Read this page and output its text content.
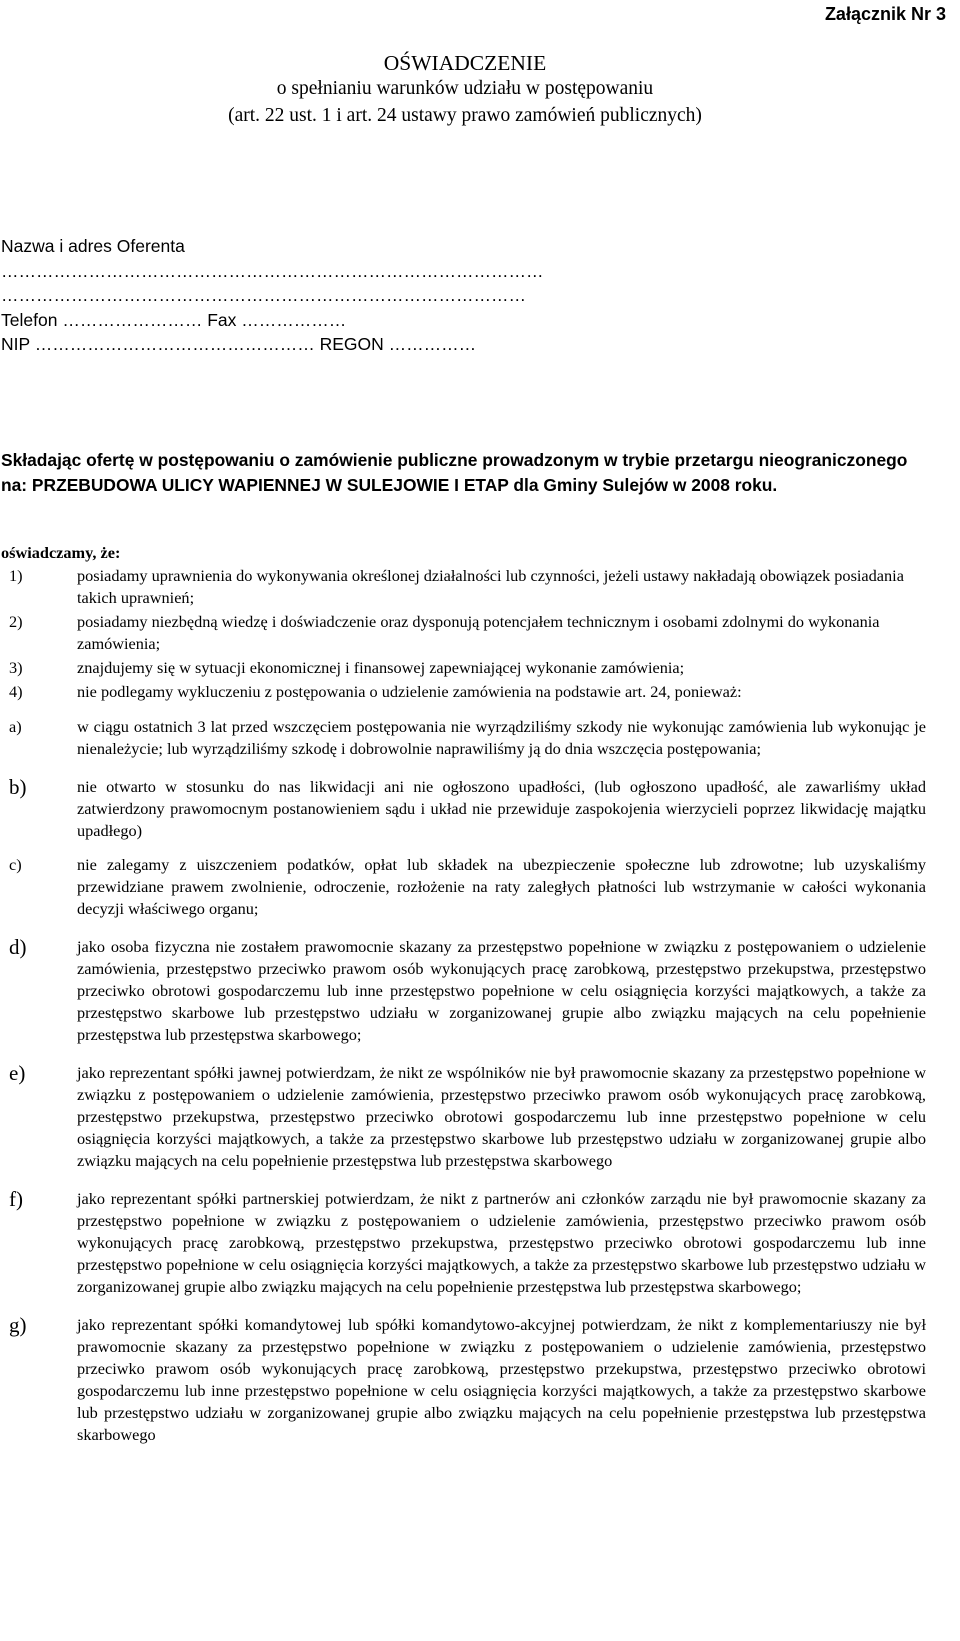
Załącznik Nr 3
OŚWIADCZENIE
o spełnianiu warunków udziału w postępowaniu
(art. 22 ust. 1 i art. 24 ustawy prawo zamówień publicznych)
Nazwa i adres Oferenta
…………………………………………………………………………………
………………………………………………………………………………
Telefon …………………… Fax ………………
NIP ………………………………………… REGON ……………
Składając ofertę w postępowaniu o zamówienie publiczne prowadzonym w trybie przetargu nieograniczonego na: PRZEBUDOWA ULICY WAPIENNEJ W SULEJOWIE I ETAP dla Gminy Sulejów w 2008 roku.
oświadczamy, że:
1)	posiadamy uprawnienia do wykonywania określonej działalności lub czynności, jeżeli ustawy nakładają obowiązek posiadania takich uprawnień;
2)	posiadamy niezbędną wiedzę i doświadczenie oraz dysponują potencjałem technicznym i osobami zdolnymi do wykonania zamówienia;
3)	znajdujemy się w sytuacji ekonomicznej i finansowej zapewniającej wykonanie zamówienia;
4)	nie podlegamy wykluczeniu z postępowania o udzielenie zamówienia na podstawie art. 24, ponieważ:
a)	w ciągu ostatnich 3 lat przed wszczęciem postępowania nie wyrządziliśmy szkody nie wykonując zamówienia lub wykonując je nienależycie; lub wyrządziliśmy szkodę i dobrowolnie naprawiliśmy ją do dnia wszczęcia postępowania;
b)	nie otwarto w stosunku do nas likwidacji ani nie ogłoszono upadłości, (lub ogłoszono upadłość, ale zawarliśmy układ zatwierdzony prawomocnym postanowieniem sądu i układ nie przewiduje zaspokojenia wierzycieli poprzez likwidację majątku upadłego)
c)	nie zalegamy z uiszczeniem podatków, opłat lub składek na ubezpieczenie społeczne lub zdrowotne; lub uzyskaliśmy przewidziane prawem zwolnienie, odroczenie, rozłożenie na raty zaległych płatności lub wstrzymanie w całości wykonania decyzji właściwego organu;
d)	jako osoba fizyczna nie zostałem prawomocnie skazany za przestępstwo popełnione w związku z postępowaniem o udzielenie zamówienia, przestępstwo przeciwko prawom osób wykonujących pracę zarobkową, przestępstwo przekupstwa, przestępstwo przeciwko obrotowi gospodarczemu lub inne przestępstwo popełnione w celu osiągnięcia korzyści majątkowych, a także za przestępstwo skarbowe lub przestępstwo udziału w zorganizowanej grupie albo związku mających na celu popełnienie przestępstwa lub przestępstwa skarbowego;
e)	jako reprezentant spółki jawnej potwierdzam, że nikt ze wspólników nie był prawomocnie skazany za przestępstwo popełnione w związku z postępowaniem o udzielenie zamówienia, przestępstwo przeciwko prawom osób wykonujących pracę zarobkową, przestępstwo przekupstwa, przestępstwo przeciwko obrotowi gospodarczemu lub inne przestępstwo popełnione w celu osiągnięcia korzyści majątkowych, a także za przestępstwo skarbowe lub przestępstwo udziału w zorganizowanej grupie albo związku mających na celu popełnienie przestępstwa lub przestępstwa skarbowego
f)	jako reprezentant spółki partnerskiej potwierdzam, że nikt z partnerów ani członków zarządu nie był prawomocnie skazany za przestępstwo popełnione w związku z postępowaniem o udzielenie zamówienia, przestępstwo przeciwko prawom osób wykonujących pracę zarobkową, przestępstwo przekupstwa, przestępstwo przeciwko obrotowi gospodarczemu lub inne przestępstwo popełnione w celu osiągnięcia korzyści majątkowych, a także za przestępstwo skarbowe lub przestępstwo udziału w zorganizowanej grupie albo związku mających na celu popełnienie przestępstwa lub przestępstwa skarbowego;
g)	jako reprezentant spółki komandytowej lub spółki komandytowo-akcyjnej potwierdzam, że nikt z komplementariuszy nie był prawomocnie skazany za przestępstwo popełnione w związku z postępowaniem o udzielenie zamówienia, przestępstwo przeciwko prawom osób wykonujących pracę zarobkową, przestępstwo przekupstwa, przestępstwo przeciwko obrotowi gospodarczemu lub inne przestępstwo popełnione w celu osiągnięcia korzyści majątkowych, a także za przestępstwo skarbowe lub przestępstwo udziału w zorganizowanej grupie albo związku mających na celu popełnienie przestępstwa lub przestępstwa skarbowego
